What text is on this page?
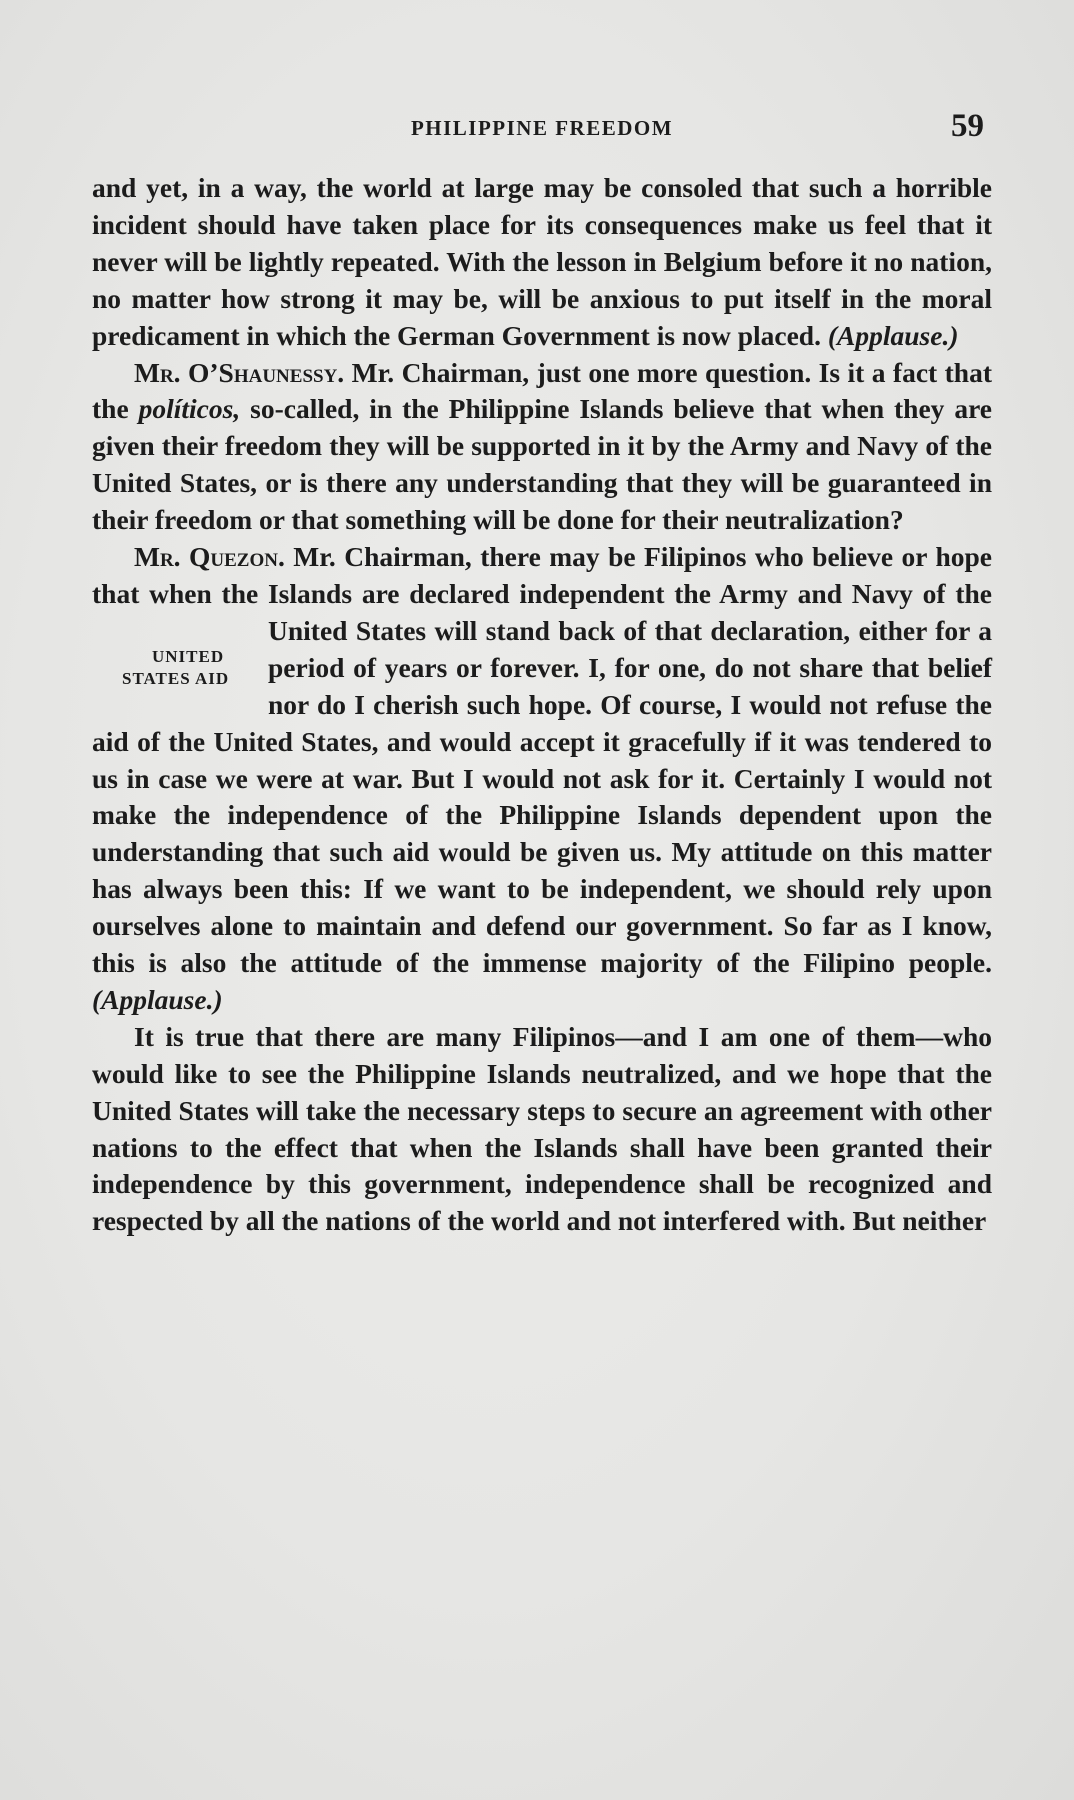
PHILIPPINE FREEDOM	59

and yet, in a way, the world at large may be consoled that such a horrible incident should have taken place for its consequences make us feel that it never will be lightly repeated. With the lesson in Belgium before it no nation, no matter how strong it may be, will be anxious to put itself in the moral predicament in which the German Government is now placed. (Applause.)

Mr. O’Shaunessy. Mr. Chairman, just one more question. Is it a fact that the políticos, so-called, in the Philippine Islands believe that when they are given their freedom they will be supported in it by the Army and Navy of the United States, or is there any understanding that they will be guaranteed in their freedom or that something will be done for their neutralization?

Mr. Quezon. Mr. Chairman, there may be Filipinos who believe or hope that when the Islands are declared independent the Army and Navy of the United States will stand
UNITED
STATES AID
back of that declaration, either for a period of years or forever. I, for one, do not share that belief nor do I cherish such hope. Of course, I would not refuse the aid of the United States, and would accept it gracefully if it was tendered to us in case we were at war. But I would not ask for it. Certainly I would not make the independence of the Philippine Islands dependent upon the understanding that such aid would be given us. My attitude on this matter has always been this: If we want to be independent, we should rely upon ourselves alone to maintain and defend our government. So far as I know, this is also the attitude of the immense majority of the Filipino people. (Applause.)

It is true that there are many Filipinos—and I am one of them—who would like to see the Philippine Islands neutralized, and we hope that the United States will take the necessary steps to secure an agreement with other nations to the effect that when the Islands shall have been granted their independence by this government, independence shall be recognized and respected by all the nations of the world and not interfered with. But neither
